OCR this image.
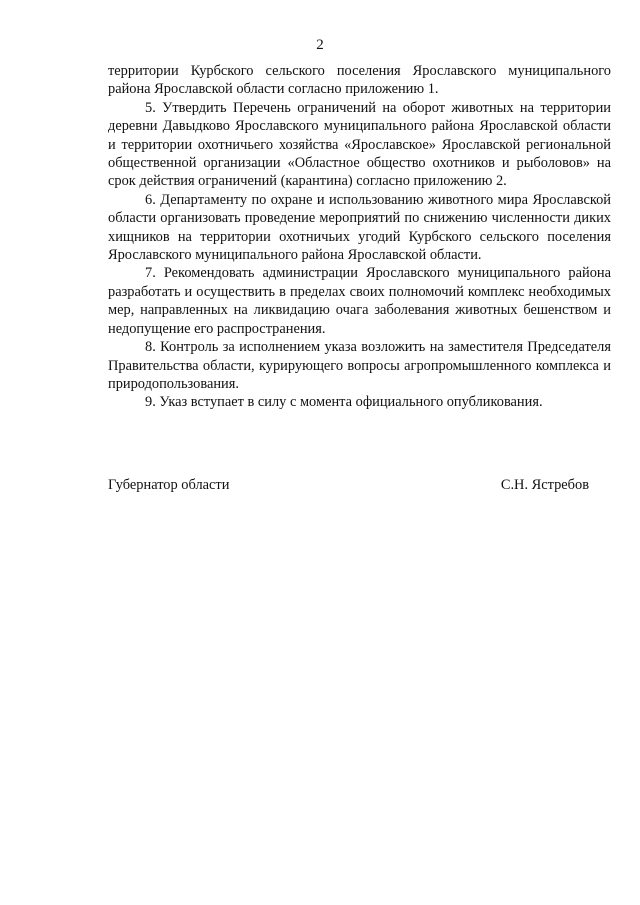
2

территории Курбского сельского поселения Ярославского муниципального района Ярославской области согласно приложению 1.

5. Утвердить Перечень ограничений на оборот животных на территории деревни Давыдково Ярославского муниципального района Ярославской области и территории охотничьего хозяйства «Ярославское» Ярославской региональной общественной организации «Областное общество охотников и рыболовов» на срок действия ограничений (карантина) согласно приложению 2.

6. Департаменту по охране и использованию животного мира Ярославской области организовать проведение мероприятий по снижению численности диких хищников на территории охотничьих угодий Курбского сельского поселения Ярославского муниципального района Ярославской области.

7. Рекомендовать администрации Ярославского муниципального района разработать и осуществить в пределах своих полномочий комплекс необходимых мер, направленных на ликвидацию очага заболевания животных бешенством и недопущение его распространения.

8. Контроль за исполнением указа возложить на заместителя Председателя Правительства области, курирующего вопросы агропромышленного комплекса и природопользования.

9. Указ вступает в силу с момента официального опубликования.

Губернатор области	С.Н. Ястребов
